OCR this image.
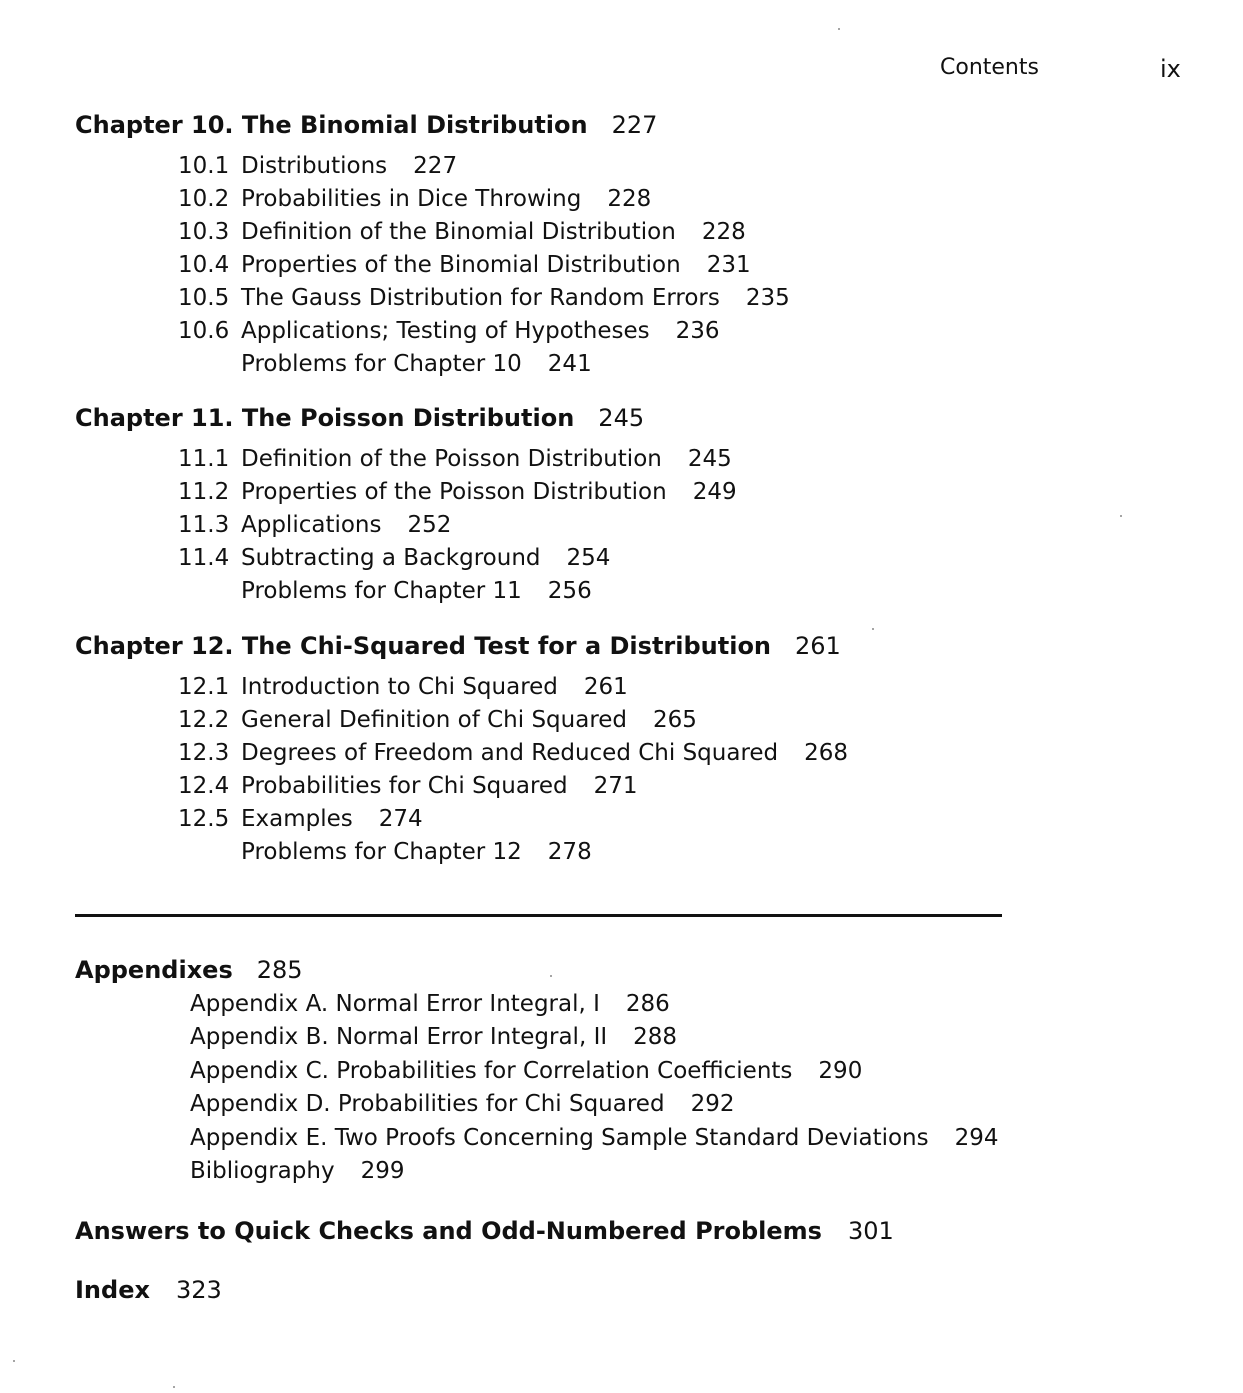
Contents	ix
Chapter 10. The Binomial Distribution 227
10.1 Distributions 227
10.2 Probabilities in Dice Throwing 228
10.3 Definition of the Binomial Distribution 228
10.4 Properties of the Binomial Distribution 231
10.5 The Gauss Distribution for Random Errors 235
10.6 Applications; Testing of Hypotheses 236
Problems for Chapter 10 241
Chapter 11. The Poisson Distribution 245
11.1 Definition of the Poisson Distribution 245
11.2 Properties of the Poisson Distribution 249
11.3 Applications 252
11.4 Subtracting a Background 254
Problems for Chapter 11 256
Chapter 12. The Chi-Squared Test for a Distribution 261
12.1 Introduction to Chi Squared 261
12.2 General Definition of Chi Squared 265
12.3 Degrees of Freedom and Reduced Chi Squared 268
12.4 Probabilities for Chi Squared 271
12.5 Examples 274
Problems for Chapter 12 278
Appendixes 285
Appendix A. Normal Error Integral, I 286
Appendix B. Normal Error Integral, II 288
Appendix C. Probabilities for Correlation Coefficients 290
Appendix D. Probabilities for Chi Squared 292
Appendix E. Two Proofs Concerning Sample Standard Deviations 294
Bibliography 299
Answers to Quick Checks and Odd-Numbered Problems 301
Index 323
